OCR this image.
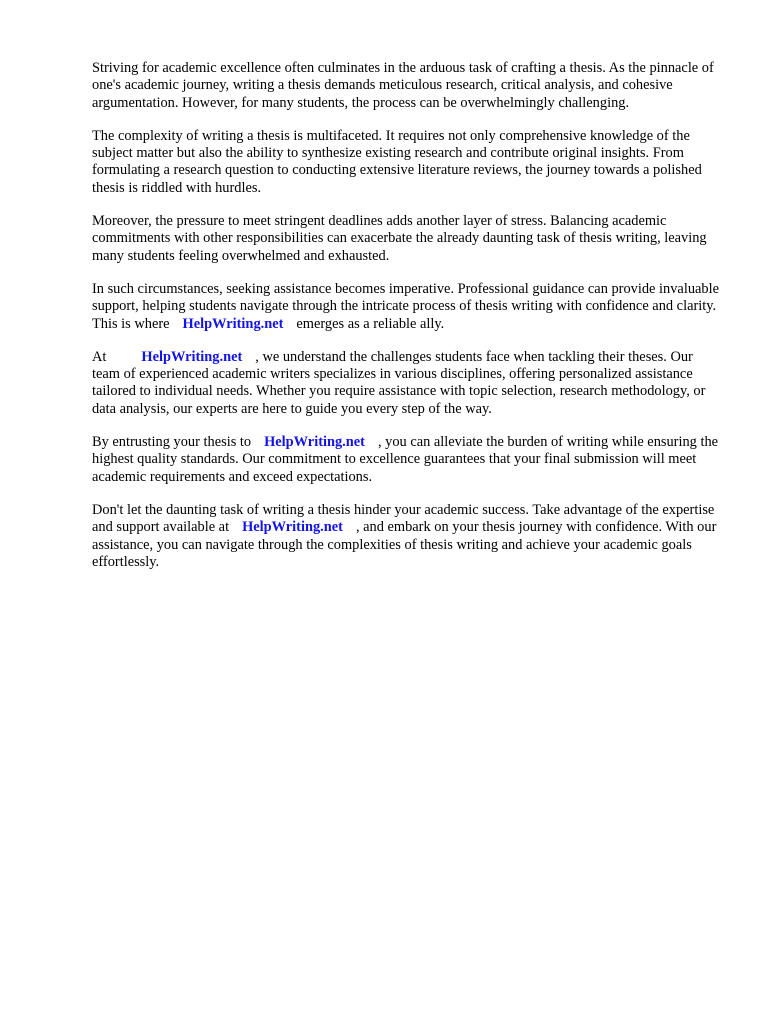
Striving for academic excellence often culminates in the arduous task of crafting a thesis. As the pinnacle of one's academic journey, writing a thesis demands meticulous research, critical analysis, and cohesive argumentation. However, for many students, the process can be overwhelmingly challenging.

The complexity of writing a thesis is multifaceted. It requires not only comprehensive knowledge of the subject matter but also the ability to synthesize existing research and contribute original insights. From formulating a research question to conducting extensive literature reviews, the journey towards a polished thesis is riddled with hurdles.

Moreover, the pressure to meet stringent deadlines adds another layer of stress. Balancing academic commitments with other responsibilities can exacerbate the already daunting task of thesis writing, leaving many students feeling overwhelmed and exhausted.

In such circumstances, seeking assistance becomes imperative. Professional guidance can provide invaluable support, helping students navigate through the intricate process of thesis writing with confidence and clarity. This is where HelpWriting.net emerges as a reliable ally.

At HelpWriting.net , we understand the challenges students face when tackling their theses. Our team of experienced academic writers specializes in various disciplines, offering personalized assistance tailored to individual needs. Whether you require assistance with topic selection, research methodology, or data analysis, our experts are here to guide you every step of the way.

By entrusting your thesis to HelpWriting.net , you can alleviate the burden of writing while ensuring the highest quality standards. Our commitment to excellence guarantees that your final submission will meet academic requirements and exceed expectations.

Don't let the daunting task of writing a thesis hinder your academic success. Take advantage of the expertise and support available at HelpWriting.net , and embark on your thesis journey with confidence. With our assistance, you can navigate through the complexities of thesis writing and achieve your academic goals effortlessly.
